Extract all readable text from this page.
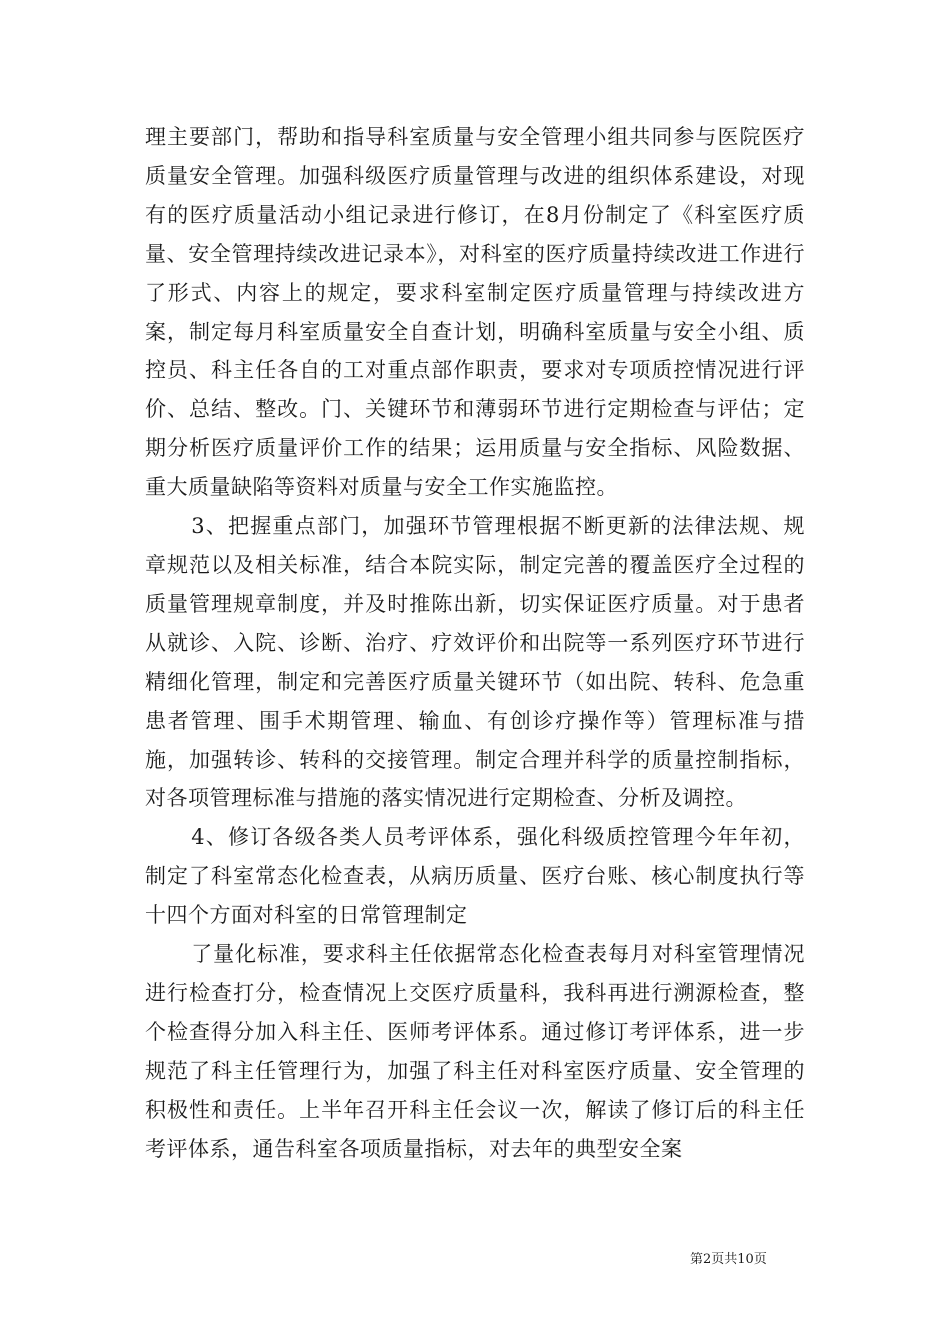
理主要部门，帮助和指导科室质量与安全管理小组共同参与医院医疗质量安全管理。加强科级医疗质量管理与改进的组织体系建设，对现有的医疗质量活动小组记录进行修订，在8月份制定了《科室医疗质量、安全管理持续改进记录本》，对科室的医疗质量持续改进工作进行了形式、内容上的规定，要求科室制定医疗质量管理与持续改进方案，制定每月科室质量安全自查计划，明确科室质量与安全小组、质控员、科主任各自的工对重点部作职责，要求对专项质控情况进行评价、总结、整改。门、关键环节和薄弱环节进行定期检查与评估；定期分析医疗质量评价工作的结果；运用质量与安全指标、风险数据、重大质量缺陷等资料对质量与安全工作实施监控。

3、把握重点部门，加强环节管理根据不断更新的法律法规、规章规范以及相关标准，结合本院实际，制定完善的覆盖医疗全过程的质量管理规章制度，并及时推陈出新，切实保证医疗质量。对于患者从就诊、入院、诊断、治疗、疗效评价和出院等一系列医疗环节进行精细化管理，制定和完善医疗质量关键环节（如出院、转科、危急重患者管理、围手术期管理、输血、有创诊疗操作等）管理标准与措施，加强转诊、转科的交接管理。制定合理并科学的质量控制指标，对各项管理标准与措施的落实情况进行定期检查、分析及调控。

4、修订各级各类人员考评体系，强化科级质控管理今年年初，制定了科室常态化检查表，从病历质量、医疗台账、核心制度执行等十四个方面对科室的日常管理制定

了量化标准，要求科主任依据常态化检查表每月对科室管理情况进行检查打分，检查情况上交医疗质量科，我科再进行溯源检查，整个检查得分加入科主任、医师考评体系。通过修订考评体系，进一步规范了科主任管理行为，加强了科主任对科室医疗质量、安全管理的积极性和责任。上半年召开科主任会议一次，解读了修订后的科主任考评体系，通告科室各项质量指标，对去年的典型安全案

第2页共10页
